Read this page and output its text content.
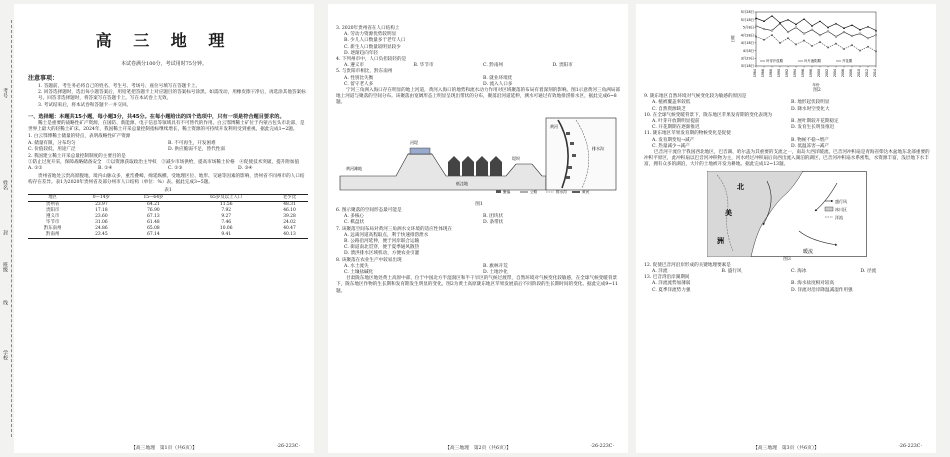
考号
姓名
封
班级
线
学校
高 三 地 理
本试卷满分100分，考试用时75分钟。
注意事项：
1. 答题前，考生务必将自己的姓名、考生号、考场号、座位号填写在答题卡上。
2. 回答选择题时，选出每小题答案后，用铅笔把答题卡上对应题目的答案标号涂黑。如需改动，用橡皮擦干净后，再选涂其他答案标号。回答非选择题时，将答案写在答题卡上。写在本试卷上无效。
3. 考试结束后，将本试卷和答题卡一并交回。
一、选择题：本题共15小题，每小题3分，共45分。在每小题给出的四个选项中，只有一项是符合题目要求的。
稀土是重要的战略性矿产资源，在国防、新能源、电子信息等领域具有不可替代的作用。白云鄂博稀土矿位于内蒙古包头市北部，是世界上最大的轻稀土矿床。2024年，我国稀土开采总量控制指标继续增长，稀土资源的可持续开发利用受到重视。据此完成1~2题。
1. 白云鄂博稀土储量的特点，表明战略性矿产资源
A. 储量有限，分布均匀	B. 不可再生，开发困难
C. 价值较低，用途广泛	D. 供应脆弱不足，替代性弱
2. 我国建立稀土开采总量控制制度的主要目的是
①防止过度开采，保障战略储备安全　②以资源获取政治主导权　③减少市场供给，提高市场稀土价格　④促使技术突破，提升附加值
A. ①②	B. ①④	C. ②③	D. ③④
贵州省地处云贵高原腹地，境内山脉众多，重峦叠嶂，绵延纵横。受地理区位、地形、交通等因素的影响，贵州省不同州市的人口结构存在差异。表1为2020年贵州省及部分州市人口结构（单位：%）表。据此完成3~5题。
表1
地区	0—14岁	15—64岁	65岁及以上人口	老少比
贵州省	23.97	64.21	11.56	48.31
贵阳市	17.18	76.90	7.92	46.10
遵义市	23.60	67.13	9.27	39.28
毕节市	31.06	61.48	7.46	24.02
黔东南州	24.86	65.08	10.06	40.47
黔南州	23.45	67.14	9.41	40.13
【高三地理　第1页（共6页）】	·26-223C·
3. 2020年贵州省在人口结构上
A. 劳动力资源优势较明显
B. 少儿人口数量多于老年人口
C. 新生人口数量较明显较少
D. 逐渐趋向年轻
4. 下列州市中，人口负担较轻的是
A. 遵义市	B. 毕节市	C. 黔南州	D. 贵阳市
5. 与贵阳市相比，黔东南州
A. 性别比失衡	B. 就业环境优
C. 留守老人多	D. 流入人口多
宁河三角洲入海口存在明显的地上河道，黄河入海口的地势和流水动力作用对区域聚落的布局有着深刻的影响。图1示意黄河三角洲局部地上河道与聚落的空间分布。该聚落由宽阔形态上明显呈现出带状的分布，聚落沿河道延伸，测水可通过有效地排涝排水区，据此完成6~8题。
黄河滩地
河堤
堤坝
低洼地
黄河
排水沟
聚落	公路	排水沟	黄河
图1
6. 图示聚落的空间形态最可能是
A. 多核心	B. 团块状
C. 棋盘状	D. 条带状
7. 该聚落空间布局对黄河三角洲水文环境的适应性体现在
A. 远离河道高程取点，利于快速排涝泄水
B. 公路沿河延伸，便于河岸联合运输
C. 街道南北贯穿，便于夏季通风散热
D. 溃洪排水区域机动，方便农业引灌
8. 该聚落在农业生产中较易出现
A. 水土流失	B. 旗林开荒
C. 土壤盐碱化	D. 土地沙化
甘肃陇东地区地处黄土高原中部，位于中国北方半湿润区和半干旱区的气候过渡带，自然环境对气候变化较敏感，在全球气候变暖背景下，陇东地区作物的生长期和发育期发生明显的变化。图2为黄土高原陇东地区苹果发展前后不同阶段的生长期时间的变化。据此完成9~11题。
【高三地理　第2页（共6页）】	·26-223C·
3月18日
3月29日
4月8日
4月18日
4月28日
5月8日
5月18日
5月28日
1984 1986 1988 1990 1992 1994 1996 1998 2000 2002 2004 2006 2008 2010 2012 2014
日期
年份
叶芽开放期	叶片遮阴期	开花期
图2
9. 陇东地区自然环境对气候变化较为敏感的原因是
A. 植被覆盖率较低	B. 地形起伏较明显
C. 自然资源缺乏	D. 降水时空变化大
10. 在全球气候变暖背景下，陇东地区苹果发育期的变化表现为
A. 叶芽开放期明显提前	B. 展叶期较开花期稳定
C. 开花期期在逐渐推迟	D. 发育生长明显推迟
11. 陇东地区苹果发育期的物候变化是促使
A. 发育期变短→减产	B. 物候不稳→增产
C. 热量减少→减产	D. 低温冻害→减产
巴音河干流位于我国西北地区，巴音湖、哈尔盖为其重要的支流之一，南岛大西洋暖流。巴音河冲积扇是青海省柴达木盆地东北部重要的冲积平原区，此冲积扇以巴音河冲积物为主，河水经过冲积扇后向西出流入湖泊的湖区，巴音河冲积扇水系密集，水资源丰富，浅层地下水丰富，拥有众多的湖泊，大片的土地被开发为耕地。据此完成12~13题。
北
美
洲
暖流
盛行风
冰川区
洋流
图3
12. 促使巴音河沿岸形成的关键地理要素是
A. 洋流	B. 盛行风	C. 海冰	D. 径流
13. 巴音湾沿岸湖期间
A. 洋流流势加薄弱	B. 海水盐度相对较高
C. 夏季洋流势力强	D. 洋流对沿岸降温减湿作用强
【高三地理　第3页（共6页）】	·26-223C·
